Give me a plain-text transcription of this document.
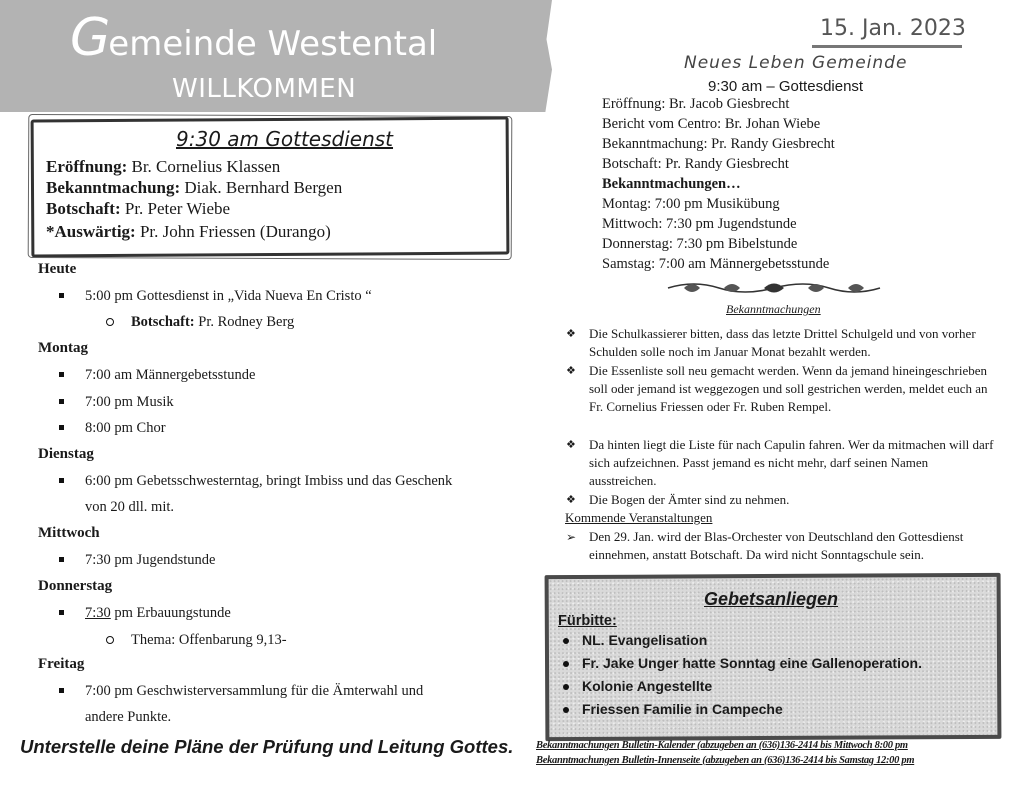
Gemeinde Westental
WILLKOMMEN
9:30 am Gottesdienst
Eröffnung: Br. Cornelius Klassen
Bekanntmachung: Diak. Bernhard Bergen
Botschaft: Pr. Peter Wiebe
*Auswärtig: Pr. John Friessen (Durango)
Heute
5:00 pm Gottesdienst in „Vida Nueva En Cristo “
Botschaft: Pr. Rodney Berg
Montag
7:00 am Männergebetsstunde
7:00 pm Musik
8:00 pm Chor
Dienstag
6:00 pm Gebetsschwesterntag, bringt Imbiss und das Geschenk
von 20 dll. mit.
Mittwoch
7:30 pm Jugendstunde
Donnerstag
7:30 pm Erbauungstunde
Thema: Offenbarung 9,13-
Freitag
7:00 pm Geschwisterversammlung für die Ämterwahl und
andere Punkte.
Unterstelle deine Pläne der Prüfung und Leitung Gottes.
15. Jan. 2023
Neues Leben Gemeinde
9:30 am – Gottesdienst
Eröffnung: Br. Jacob Giesbrecht
Bericht vom Centro: Br. Johan Wiebe
Bekanntmachung: Pr. Randy Giesbrecht
Botschaft: Pr. Randy Giesbrecht
Bekanntmachungen…
Montag: 7:00 pm Musikübung
Mittwoch: 7:30 pm Jugendstunde
Donnerstag: 7:30 pm Bibelstunde
Samstag: 7:00 am Männergebetsstunde
Bekanntmachungen
❖ Die Schulkassierer bitten, dass das letzte Drittel Schulgeld und von vorher Schulden solle noch im Januar Monat bezahlt werden.
❖ Die Essenliste soll neu gemacht werden. Wenn da jemand hineingeschrieben soll oder jemand ist weggezogen und soll gestrichen werden, meldet euch an Fr. Cornelius Friessen oder Fr. Ruben Rempel.
❖ Da hinten liegt die Liste für nach Capulin fahren. Wer da mitmachen will darf sich aufzeichnen. Passt jemand es nicht mehr, darf seinen Namen ausstreichen.
❖ Die Bogen der Ämter sind zu nehmen.
Kommende Veranstaltungen
➢ Den 29. Jan. wird der Blas-Orchester von Deutschland den Gottesdienst einnehmen, anstatt Botschaft. Da wird nicht Sonntagschule sein.
Gebetsanliegen
Fürbitte:
NL. Evangelisation
Fr. Jake Unger hatte Sonntag eine Gallenoperation.
Kolonie Angestellte
Friessen Familie in Campeche
Bekanntmachungen Bulletin-Kalender (abzugeben an (636)136-2414 bis Mittwoch 8:00 pm
Bekanntmachungen Bulletin-Innenseite (abzugeben an (636)136-2414 bis Samstag 12:00 pm
